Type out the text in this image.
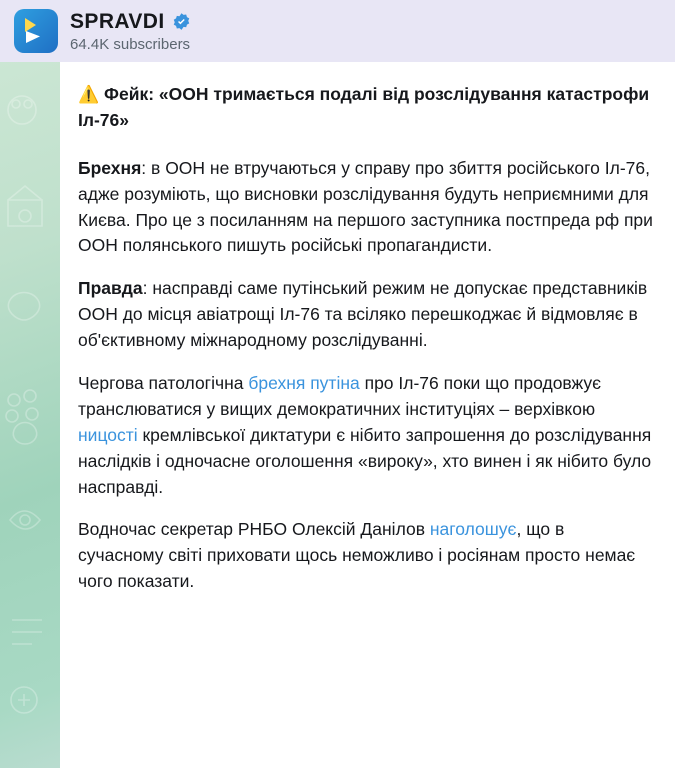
SPRAVDI
64.4K subscribers

⚠️ Фейк: «ООН тримається подалі від розслідування катастрофи Іл-76»

Брехня: в ООН не втручаються у справу про збиття російського Іл-76, адже розуміють, що висновки розслідування будуть неприємними для Києва. Про це з посиланням на першого заступника постпреда рф при ООН полянського пишуть російські пропагандисти.

Правда: насправді саме путінський режим не допускає представників ООН до місця авіатрощі Іл-76 та всіляко перешкоджає й відмовляє в об'єктивному міжнародному розслідуванні.

Чергова патологічна брехня путіна про Іл-76 поки що продовжує транслюватися у вищих демократичних інституціях – верхівкою ницості кремлівської диктатури є нібито запрошення до розслідування наслідків і одночасне оголошення «вироку», хто винен і як нібито було насправді.

Водночас секретар РНБО Олексій Данілов наголошує, що в сучасному світі приховати щось неможливо і росіянам просто немає чого показати.
